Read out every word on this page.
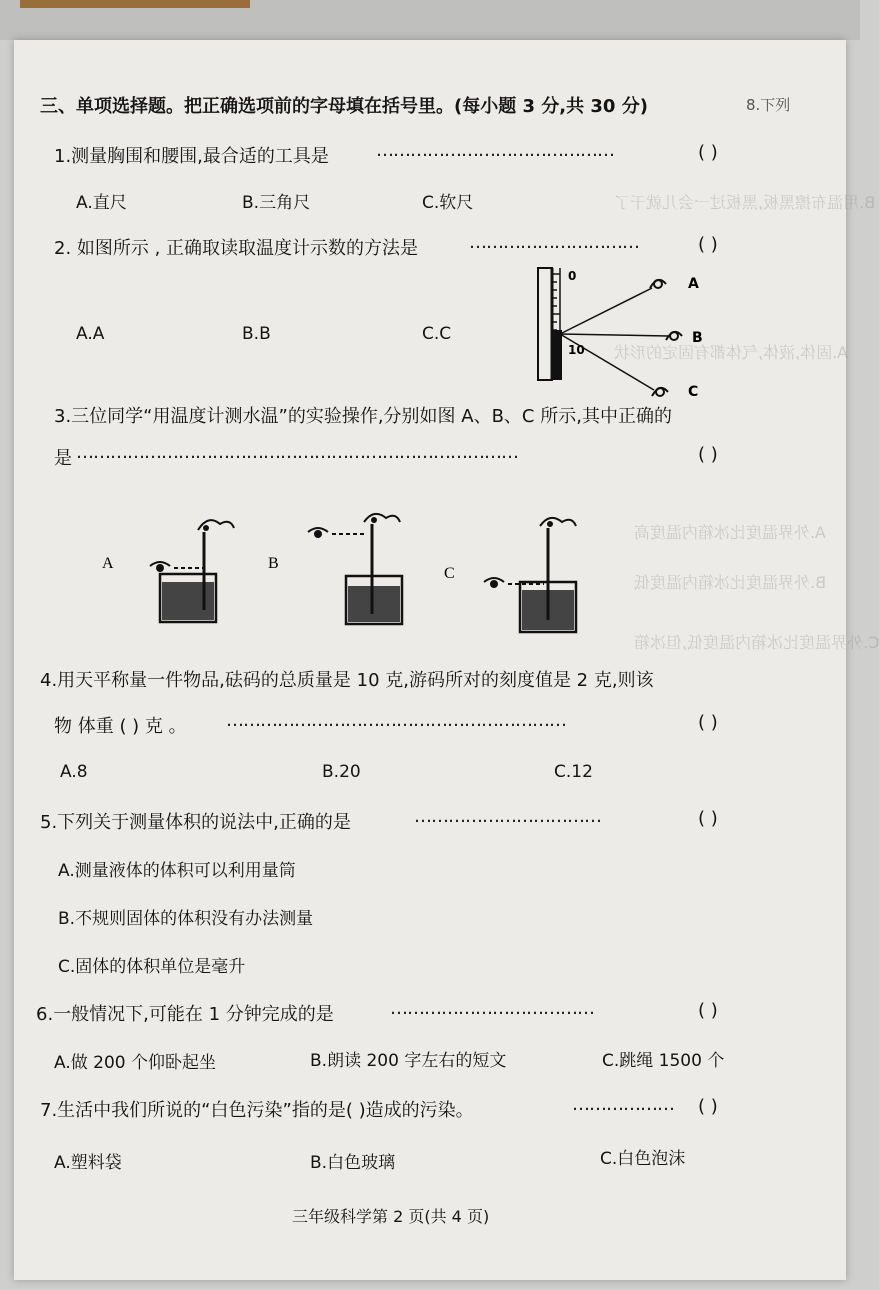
B.用温布擦黑板,黑板过一会儿就干了
A.固体,液体,气体都有固定的形状
A.外界温度比冰箱内温度高
B.外界温度比冰箱内温度低
C.外界温度比冰箱内温度低,但冰箱
三、单项选择题。把正确选项前的字母填在括号里。(每小题 3 分,共 30 分)	8.下列
1.测量胸围和腰围,最合适的工具是	……………………………………	( )
A.直尺	B.三角尺	C.软尺
2. 如图所示 , 正确取读取温度计示数的方法是	…………………………	( )
A.A	B.B	C.C
0
10
A
B
C
3.三位同学“用温度计测水温”的实验操作,分别如图 A、B、C 所示,其中正确的
是 ……………………………………………………………………	( )
A	B
C
4.用天平称量一件物品,砝码的总质量是 10 克,游码所对的刻度值是 2 克,则该
物 体重 ( ) 克 。 ……………………………………………………	( )
A.8	B.20	C.12
5.下列关于测量体积的说法中,正确的是	……………………………	( )
A.测量液体的体积可以利用量筒
B.不规则固体的体积没有办法测量
C.固体的体积单位是毫升
6.一般情况下,可能在 1 分钟完成的是	………………………………	( )
A.做 200 个仰卧起坐	B.朗读 200 字左右的短文	C.跳绳 1500 个
7.生活中我们所说的“白色污染”指的是( )造成的污染。	……………… ( )
A.塑料袋	B.白色玻璃	C.白色泡沫
三年级科学第 2 页(共 4 页)
